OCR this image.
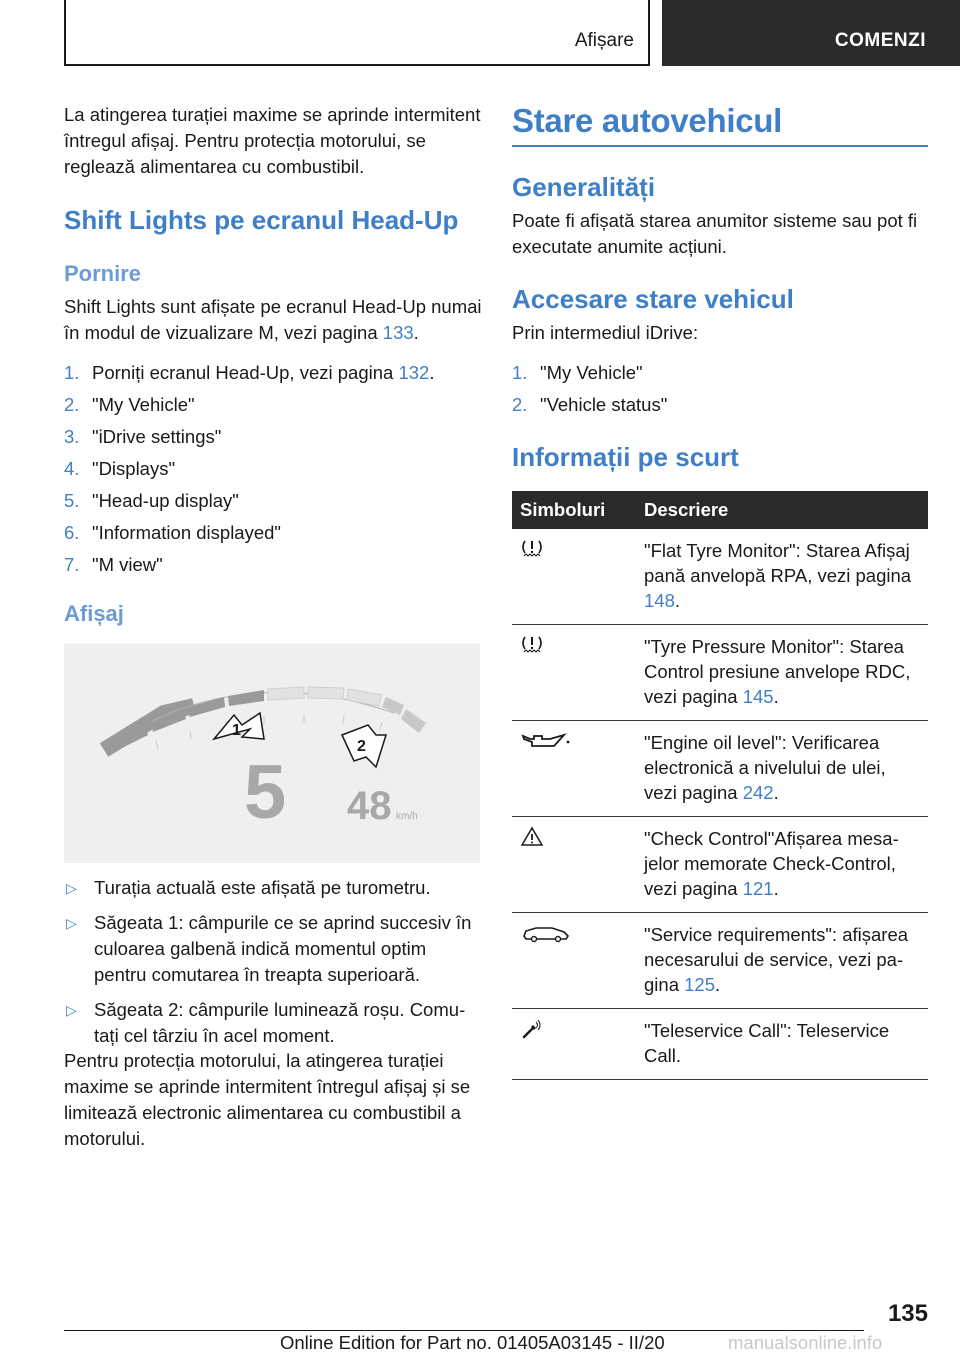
Afișare	COMENZI

La atingerea turației maxime se aprinde intermitent întregul afișaj. Pentru protecția motorului, se reglează alimentarea cu combustibil.

Shift Lights pe ecranul Head-Up
Pornire

Shift Lights sunt afișate pe ecranul Head-Up numai în modul de vizualizare M, vezi pagina 133.

1. Porniți ecranul Head-Up, vezi pagina 132.
2. "My Vehicle"
3. "iDrive settings"
4. "Displays"
5. "Head-up display"
6. "Information displayed"
7. "M view"
Afișaj
1
2
5 48 km/h
▷ Turația actuală este afișată pe turometru.
▷ Săgeata 1: câmpurile ce se aprind succesiv în culoarea galbenă indică momentul optim pentru comutarea în treapta superioară.
▷ Săgeata 2: câmpurile luminează roșu. Comutați cel târziu în acel moment.

Pentru protecția motorului, la atingerea turației maxime se aprinde intermitent întregul afișaj și se limitează electronic alimentarea cu combustibil a motorului.

Stare autovehicul
Generalități

Poate fi afișată starea anumitor sisteme sau pot fi executate anumite acțiuni.

Accesare stare vehicul

Prin intermediul iDrive:

1. "My Vehicle"
2. "Vehicle status"
Informații pe scurt
Simboluri	Descriere
	"Flat Tyre Monitor": Starea Afișaj pană anvelopă RPA, vezi pagina 148.
	"Tyre Pressure Monitor": Starea Control presiune anvelope RDC, vezi pagina 145.
	"Engine oil level": Verificarea electronică a nivelului de ulei, vezi pagina 242.
	"Check Control"Afișarea mesajelor memorate Check-Control, vezi pagina 121.
	"Service requirements": afișarea necesarului de service, vezi pagina 125.
	"Teleservice Call": Teleservice Call.
135
Online Edition for Part no. 01405A03145 - II/20	manualsonline.info
